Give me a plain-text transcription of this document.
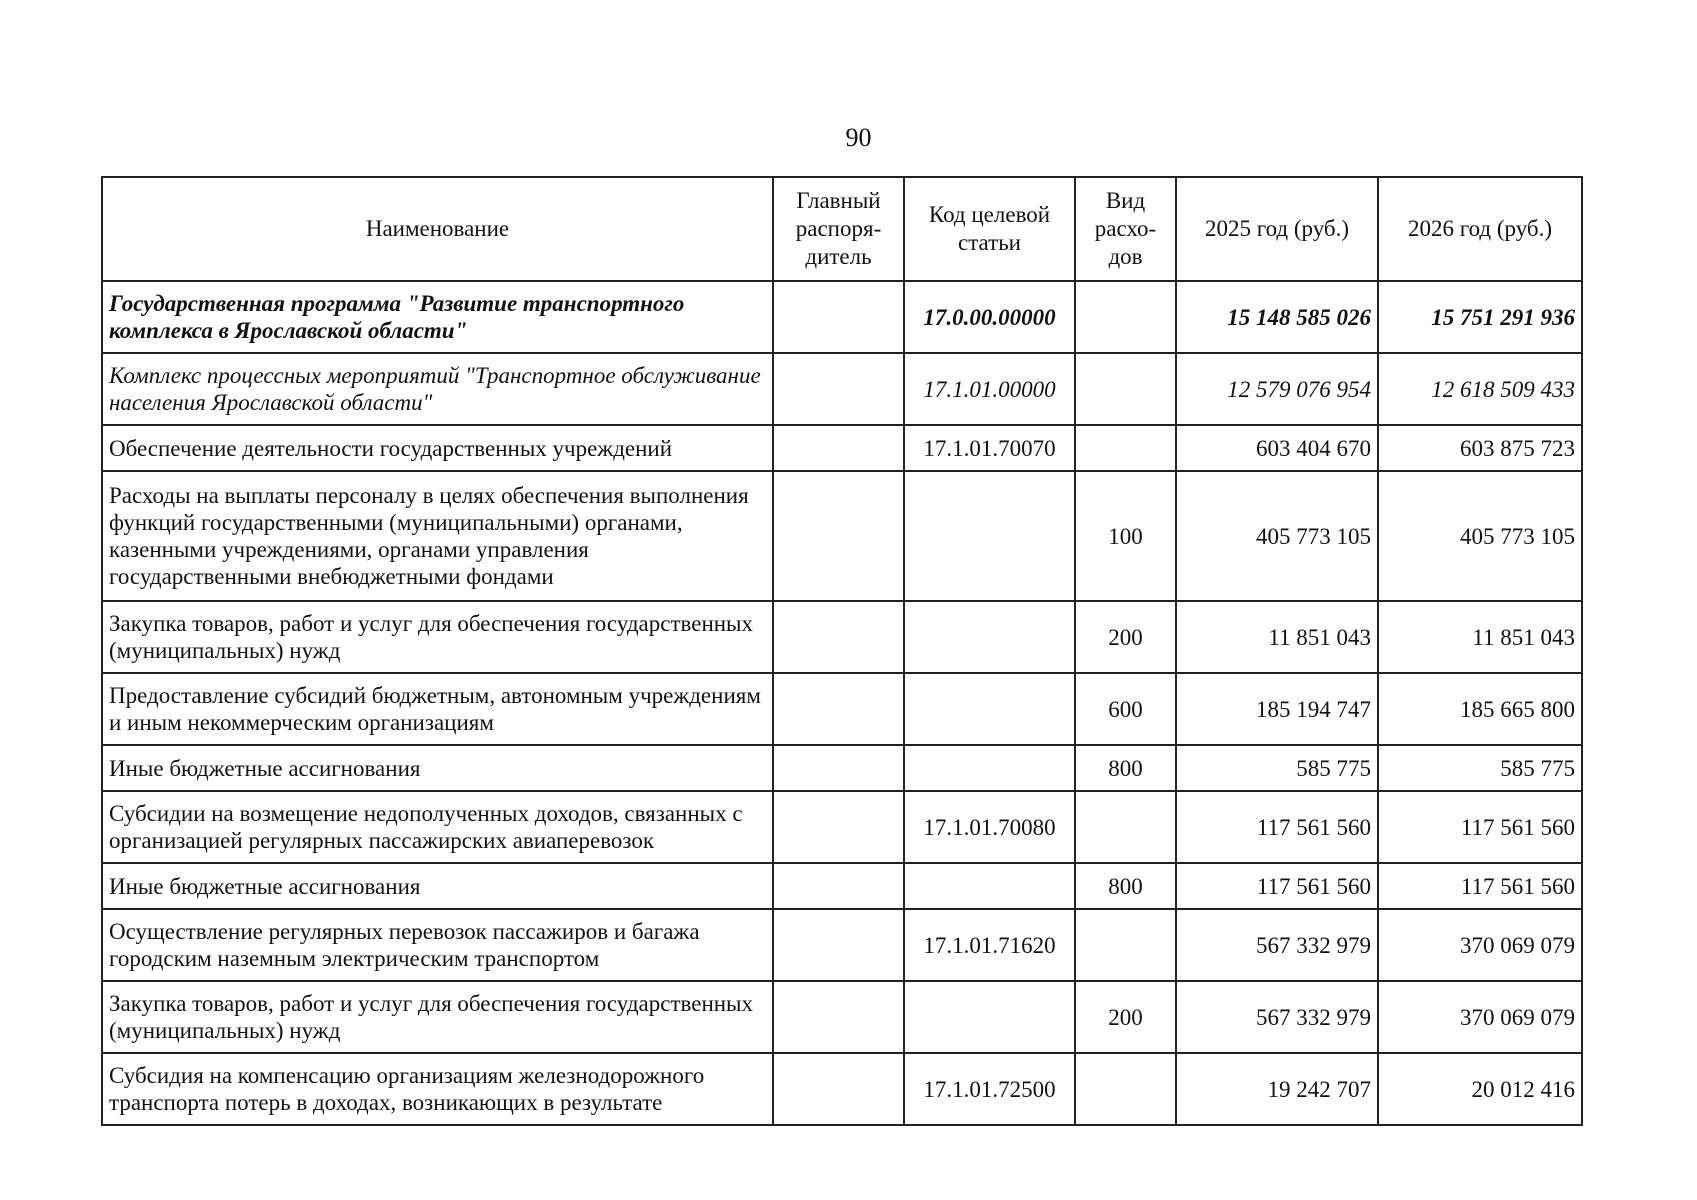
90
Наименование	Главный распоря-дитель	Код целевой статьи	Вид расхо-дов	2025 год (руб.)	2026 год (руб.)
Государственная программа "Развитие транспортного комплекса в Ярославской области"		17.0.00.00000		15 148 585 026	15 751 291 936
Комплекс процессных мероприятий "Транспортное обслуживание населения Ярославской области"		17.1.01.00000		12 579 076 954	12 618 509 433
Обеспечение деятельности государственных учреждений		17.1.01.70070		603 404 670	603 875 723
Расходы на выплаты персоналу в целях обеспечения выполнения функций государственными (муниципальными) органами, казенными учреждениями, органами управления государственными внебюджетными фондами			100	405 773 105	405 773 105
Закупка товаров, работ и услуг для обеспечения государственных (муниципальных) нужд			200	11 851 043	11 851 043
Предоставление субсидий бюджетным, автономным учреждениям и иным некоммерческим организациям			600	185 194 747	185 665 800
Иные бюджетные ассигнования			800	585 775	585 775
Субсидии на возмещение недополученных доходов, связанных с организацией регулярных пассажирских авиаперевозок		17.1.01.70080		117 561 560	117 561 560
Иные бюджетные ассигнования			800	117 561 560	117 561 560
Осуществление регулярных перевозок пассажиров и багажа городским наземным электрическим транспортом		17.1.01.71620		567 332 979	370 069 079
Закупка товаров, работ и услуг для обеспечения государственных (муниципальных) нужд			200	567 332 979	370 069 079
Субсидия на компенсацию организациям железнодорожного транспорта потерь в доходах, возникающих в результате		17.1.01.72500		19 242 707	20 012 416
